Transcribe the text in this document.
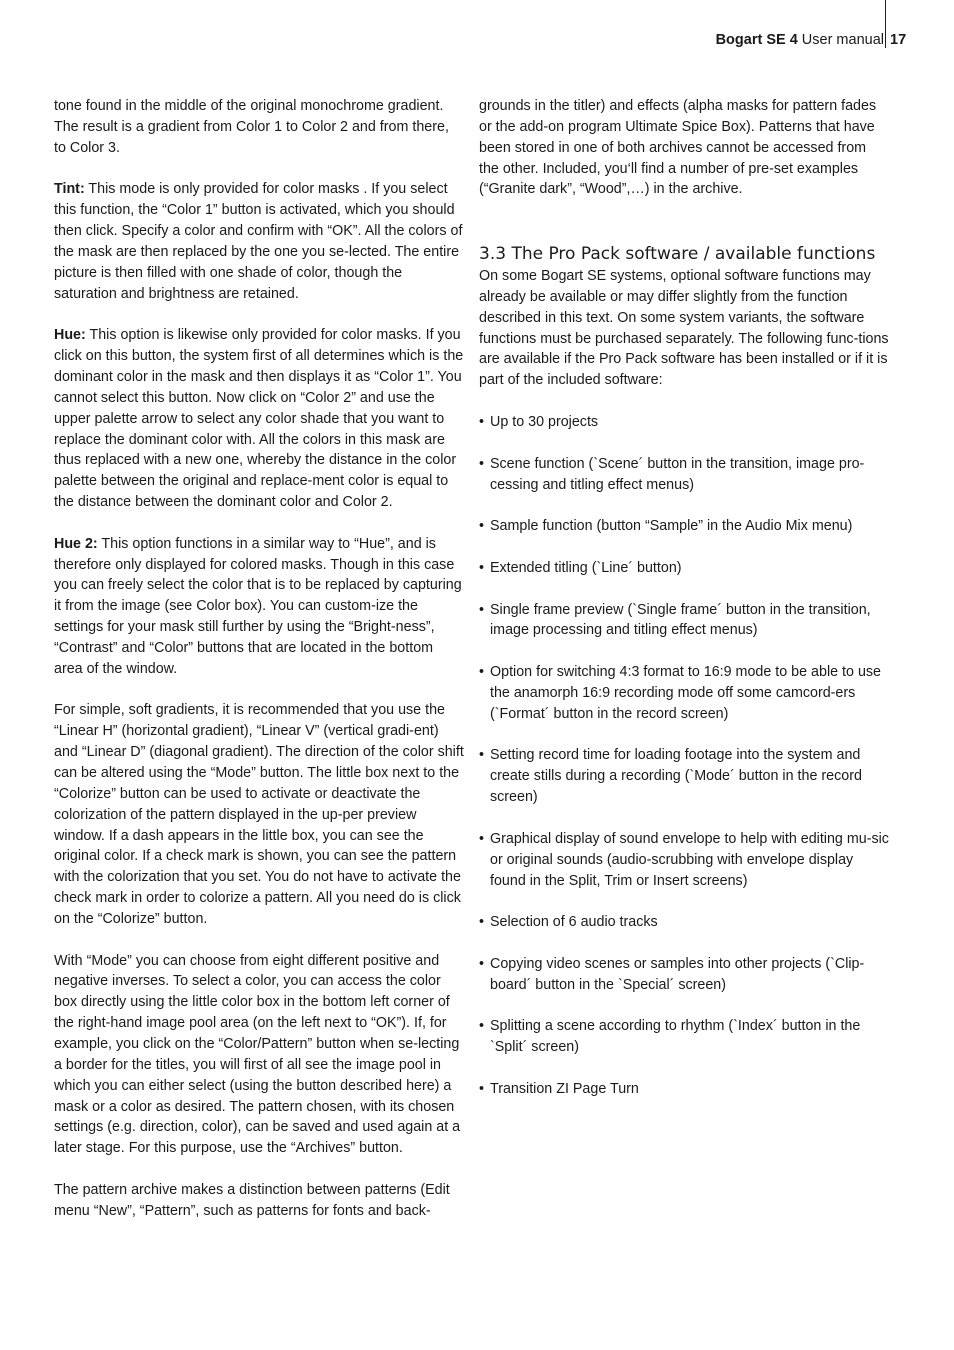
Bogart SE 4 User manual 17

tone found in the middle of the original monochrome gradient. The result is a gradient from Color 1 to Color 2 and from there, to Color 3.

Tint: This mode is only provided for color masks . If you select this function, the “Color 1” button is activated, which you should then click. Specify a color and confirm with “OK”. All the colors of the mask are then replaced by the one you se-lected. The entire picture is then filled with one shade of color, though the saturation and brightness are retained.

Hue: This option is likewise only provided for color masks. If you click on this button, the system first of all determines which is the dominant color in the mask and then displays it as “Color 1”. You cannot select this button. Now click on “Color 2” and use the upper palette arrow to select any color shade that you want to replace the dominant color with. All the colors in this mask are thus replaced with a new one, whereby the distance in the color palette between the original and replace-ment color is equal to the distance between the dominant color and Color 2.

Hue 2: This option functions in a similar way to “Hue”, and is therefore only displayed for colored masks. Though in this case you can freely select the color that is to be replaced by capturing it from the image (see Color box). You can custom-ize the settings for your mask still further by using the “Bright-ness”, “Contrast” and “Color” buttons that are located in the bottom area of the window.

For simple, soft gradients, it is recommended that you use the “Linear H” (horizontal gradient), “Linear V” (vertical gradi-ent) and “Linear D” (diagonal gradient). The direction of the color shift can be altered using the “Mode” button. The little box next to the “Colorize” button can be used to activate or deactivate the colorization of the pattern displayed in the up-per preview window. If a dash appears in the little box, you can see the original color. If a check mark is shown, you can see the pattern with the colorization that you set. You do not have to activate the check mark in order to colorize a pattern. All you need do is click on the “Colorize” button.

With “Mode” you can choose from eight different positive and negative inverses. To select a color, you can access the color box directly using the little color box in the bottom left corner of the right-hand image pool area (on the left next to “OK”). If, for example, you click on the “Color/Pattern” button when se-lecting a border for the titles, you will first of all see the image pool in which you can either select (using the button described here) a mask or a color as desired. The pattern chosen, with its chosen settings (e.g. direction, color), can be saved and used again at a later stage. For this purpose, use the “Archives” button.

The pattern archive makes a distinction between patterns (Edit menu “New”, “Pattern”, such as patterns for fonts and back-

grounds in the titler) and effects (alpha masks for pattern fades or the add-on program Ultimate Spice Box). Patterns that have been stored in one of both archives cannot be accessed from the other. Included, you‘ll find a number of pre-set examples (“Granite dark”, “Wood”,…) in the archive.

3.3 The Pro Pack software / available functions

On some Bogart SE systems, optional software functions may already be available or may differ slightly from the function described in this text. On some system variants, the software functions must be purchased separately. The following func-tions are available if the Pro Pack software has been installed or if it is part of the included software:

• Up to 30 projects
• Scene function (`Scene´ button in the transition, image pro-cessing and titling effect menus)
• Sample function (button “Sample” in the Audio Mix menu)
• Extended titling (`Line´ button)
• Single frame preview (`Single frame´ button in the transition, image processing and titling effect menus)
• Option for switching 4:3 format to 16:9 mode to be able to use the anamorph 16:9 recording mode off some camcord-ers (`Format´ button in the record screen)
• Setting record time for loading footage into the system and create stills during a recording (`Mode´ button in the record screen)
• Graphical display of sound envelope to help with editing mu-sic or original sounds (audio-scrubbing with envelope display found in the Split, Trim or Insert screens)
• Selection of 6 audio tracks
• Copying video scenes or samples into other projects (`Clip-board´ button in the `Special´ screen)
• Splitting a scene according to rhythm (`Index´ button in the `Split´ screen)
• Transition ZI Page Turn
